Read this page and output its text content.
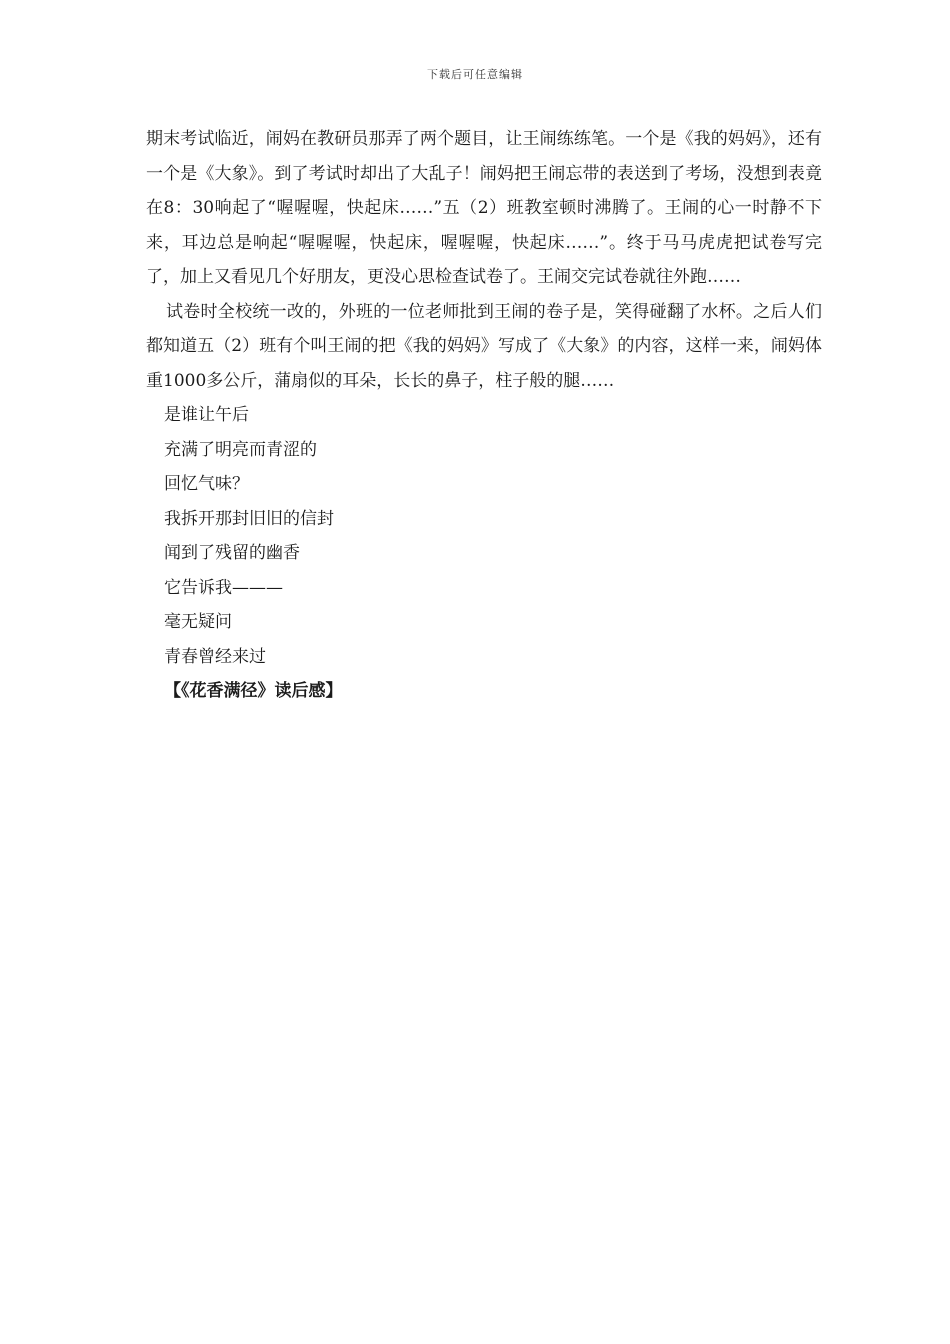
下载后可任意编辑

期末考试临近，闹妈在教研员那弄了两个题目，让王闹练练笔。一个是《我的妈妈》，还有一个是《大象》。到了考试时却出了大乱子！闹妈把王闹忘带的表送到了考场，没想到表竟在8：30响起了“喔喔喔，快起床……”五（2）班教室顿时沸腾了。王闹的心一时静不下来，耳边总是响起“喔喔喔，快起床，喔喔喔，快起床……”。终于马马虎虎把试卷写完了，加上又看见几个好朋友，更没心思检查试卷了。王闹交完试卷就往外跑……

试卷时全校统一改的，外班的一位老师批到王闹的卷子是，笑得碰翻了水杯。之后人们都知道五（2）班有个叫王闹的把《我的妈妈》写成了《大象》的内容，这样一来，闹妈体重1000多公斤，蒲扇似的耳朵，长长的鼻子，柱子般的腿……

是谁让午后
充满了明亮而青涩的
回忆气味？
我拆开那封旧旧的信封
闻到了残留的幽香
它告诉我———
毫无疑问
青春曾经来过
【《花香满径》读后感】
